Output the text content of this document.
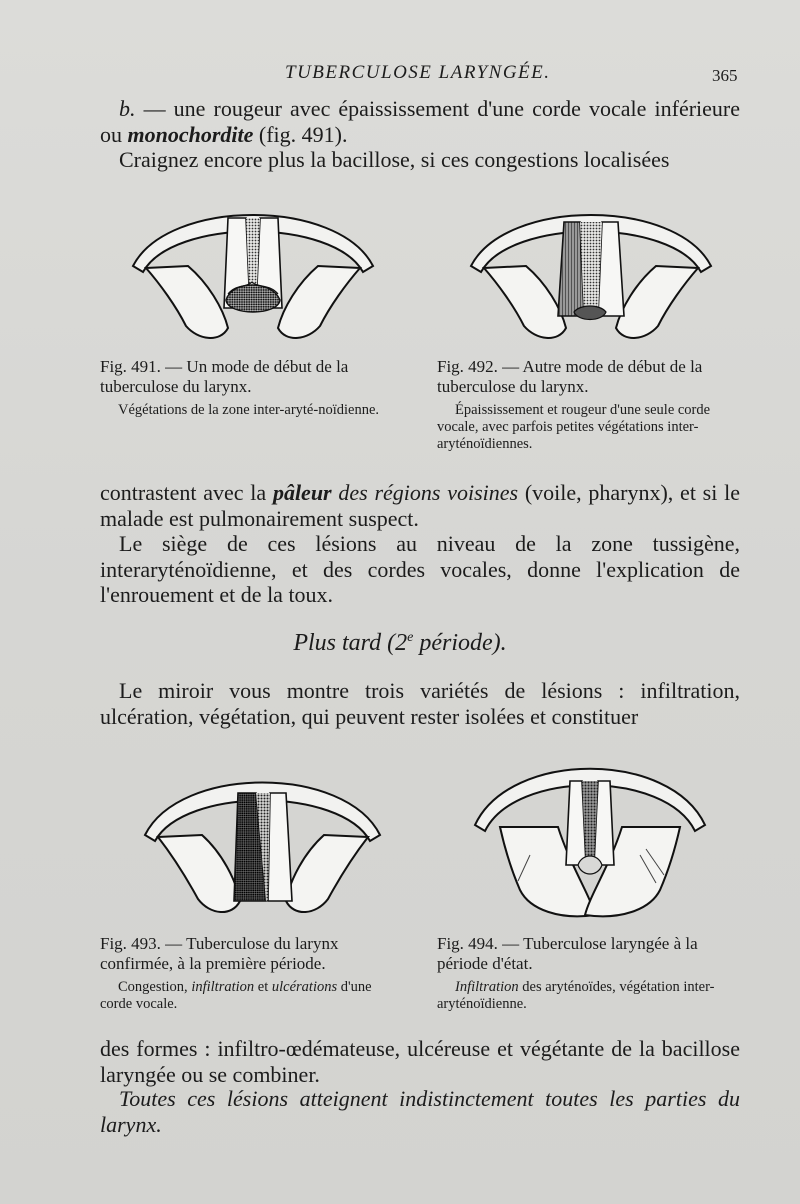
TUBERCULOSE LARYNGÉE.	365
b. — une rougeur avec épaississement d'une corde vocale inférieure ou monochordite (fig. 491).
Craignez encore plus la bacillose, si ces congestions localisées
Fig. 491. — Un mode de début de la tuberculose du larynx.
Végétations de la zone inter-aryté-noïdienne.
Fig. 492. — Autre mode de début de la tuberculose du larynx.
Épaississement et rougeur d'une seule corde vocale, avec parfois petites végétations inter-aryténoïdiennes.
contrastent avec la pâleur des régions voisines (voile, pharynx), et si le malade est pulmonairement suspect.
Le siège de ces lésions au niveau de la zone tussigène, interaryténoïdienne, et des cordes vocales, donne l'explication de l'enrouement et de la toux.
Plus tard (2e période).
Le miroir vous montre trois variétés de lésions : infiltration, ulcération, végétation, qui peuvent rester isolées et constituer
Fig. 493. — Tuberculose du larynx confirmée, à la première période.
Congestion, infiltration et ulcérations d'une corde vocale.
Fig. 494. — Tuberculose laryngée à la période d'état.
Infiltration des aryténoïdes, végétation inter-aryténoïdienne.
des formes : infiltro-œdémateuse, ulcéreuse et végétante de la bacillose laryngée ou se combiner.
Toutes ces lésions atteignent indistinctement toutes les parties du larynx.
